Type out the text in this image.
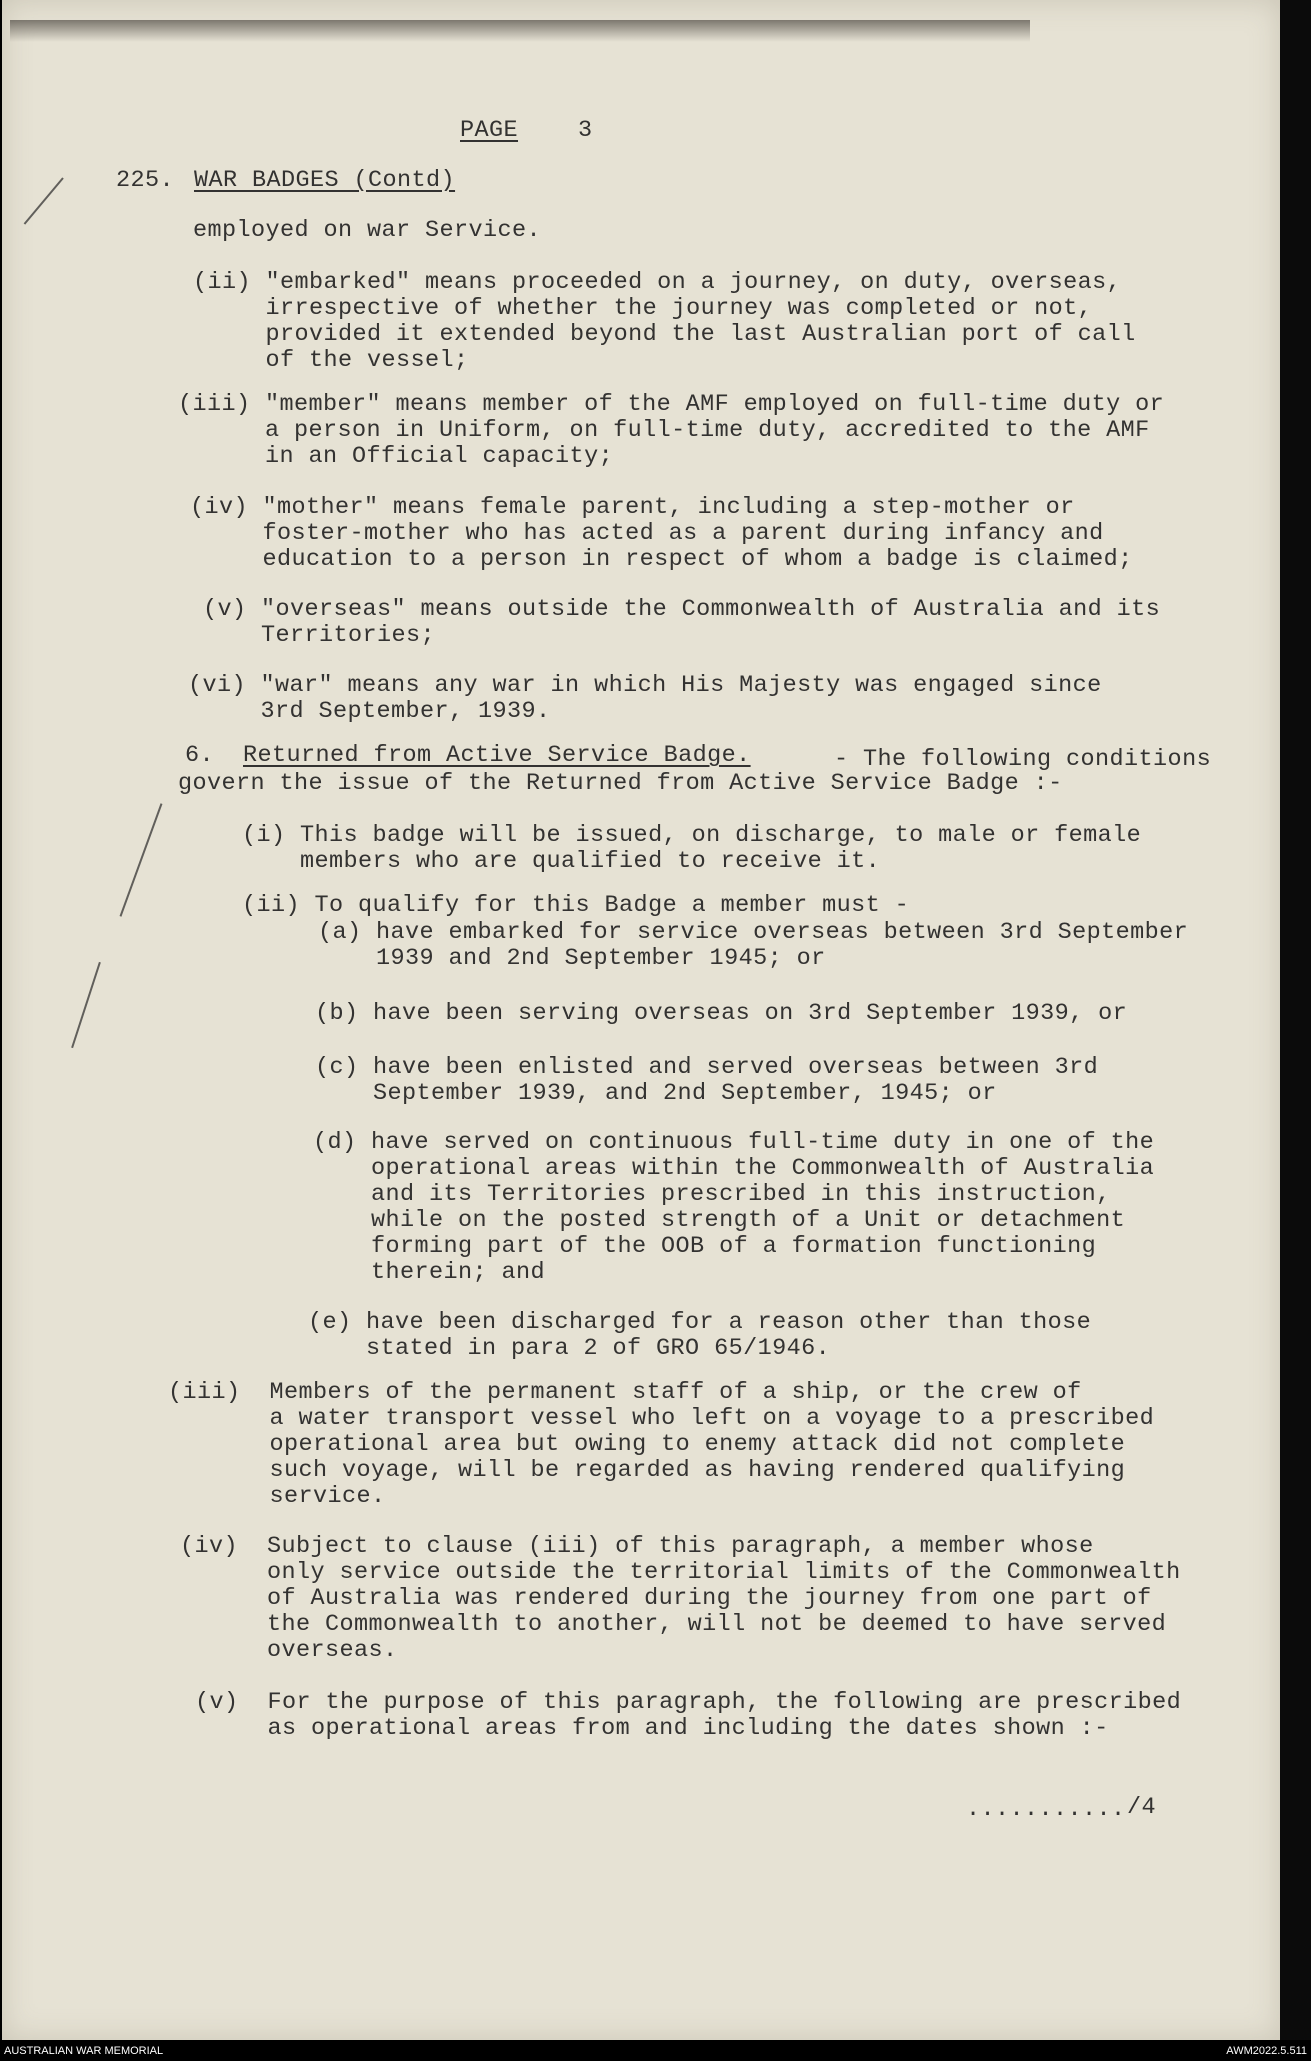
PAGE	3
225. WAR BADGES (Contd)
employed on war Service.
(ii) "embarked" means proceeded on a journey, on duty, overseas,
irrespective of whether the journey was completed or not,
provided it extended beyond the last Australian port of call
of the vessel;
(iii) "member" means member of the AMF employed on full-time duty or
a person in Uniform, on full-time duty, accredited to the AMF
in an Official capacity;
(iv) "mother" means female parent, including a step-mother or
foster-mother who has acted as a parent during infancy and
education to a person in respect of whom a badge is claimed;
(v) "overseas" means outside the Commonwealth of Australia and its
Territories;
(vi) "war" means any war in which His Majesty was engaged since
3rd September, 1939.
6.	- The following conditions
govern the issue of the Returned from Active Service Badge :-
(i) This badge will be issued, on discharge, to male or female
members who are qualified to receive it.
(ii) To qualify for this Badge a member must -
(a) have embarked for service overseas between 3rd September
1939 and 2nd September 1945; or
(b) have been serving overseas on 3rd September 1939, or
(c) have been enlisted and served overseas between 3rd
September 1939, and 2nd September, 1945; or
(d) have served on continuous full-time duty in one of the
operational areas within the Commonwealth of Australia
and its Territories prescribed in this instruction,
while on the posted strength of a Unit or detachment
forming part of the OOB of a formation functioning
therein; and
(e) have been discharged for a reason other than those
stated in para 2 of GRO 65/1946.
(iii)  Members of the permanent staff of a ship, or the crew of
a water transport vessel who left on a voyage to a prescribed
operational area but owing to enemy attack did not complete
such voyage, will be regarded as having rendered qualifying
service.
(iv)  Subject to clause (iii) of this paragraph, a member whose
only service outside the territorial limits of the Commonwealth
of Australia was rendered during the journey from one part of
the Commonwealth to another, will not be deemed to have served
overseas.
(v)  For the purpose of this paragraph, the following are prescribed
as operational areas from and including the dates shown :-
........... /4
Returned from Active Service Badge.
AUSTRALIAN WAR MEMORIAL	AWM2022.5.511
